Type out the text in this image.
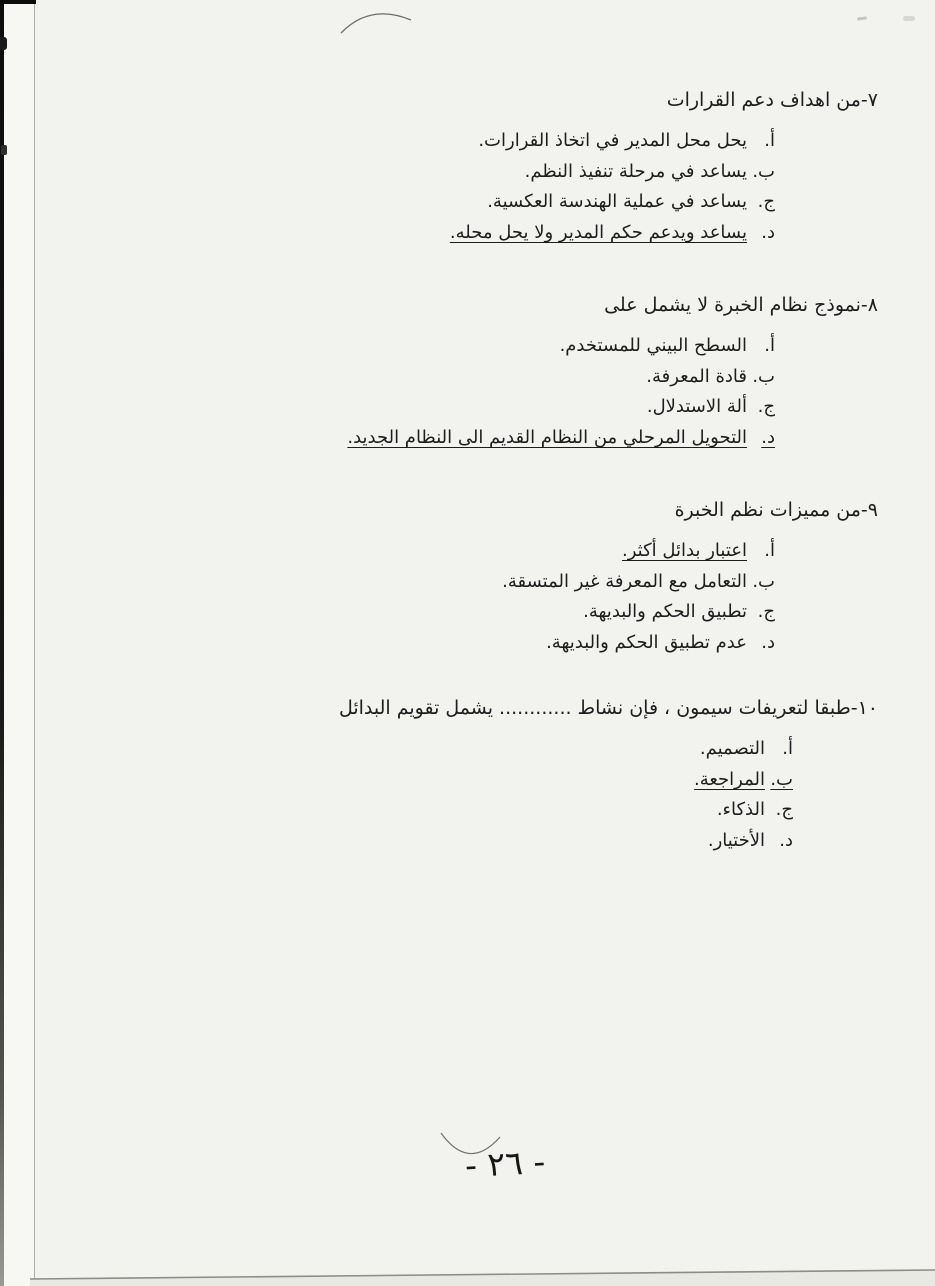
٧-من اهداف دعم القرارات
أ.
يحل محل المدير في اتخاذ القرارات.
ب.
يساعد في مرحلة تنفيذ النظم.
ج.
يساعد في عملية الهندسة العكسية.
د.
يساعد ويدعم حكم المدير ولا يحل محله.
٨-نموذج نظام الخبرة لا يشمل على
أ.
السطح البيني للمستخدم.
ب.
قادة المعرفة.
ج.
ألة الاستدلال.
د.
التحويل المرحلي من النظام القديم الى النظام الجديد.
٩-من مميزات نظم الخبرة
أ.
اعتبار بدائل أكثر.
ب.
التعامل مع المعرفة غير المتسقة.
ج.
تطبيق الحكم والبديهة.
د.
عدم تطبيق الحكم والبديهة.
١٠-طبقا لتعريفات سيمون ، فإن نشاط ............ يشمل تقويم البدائل
أ.
التصميم.
ب.
المراجعة.
ج.
الذكاء.
د.
الأختيار.
- ٢٦ -
